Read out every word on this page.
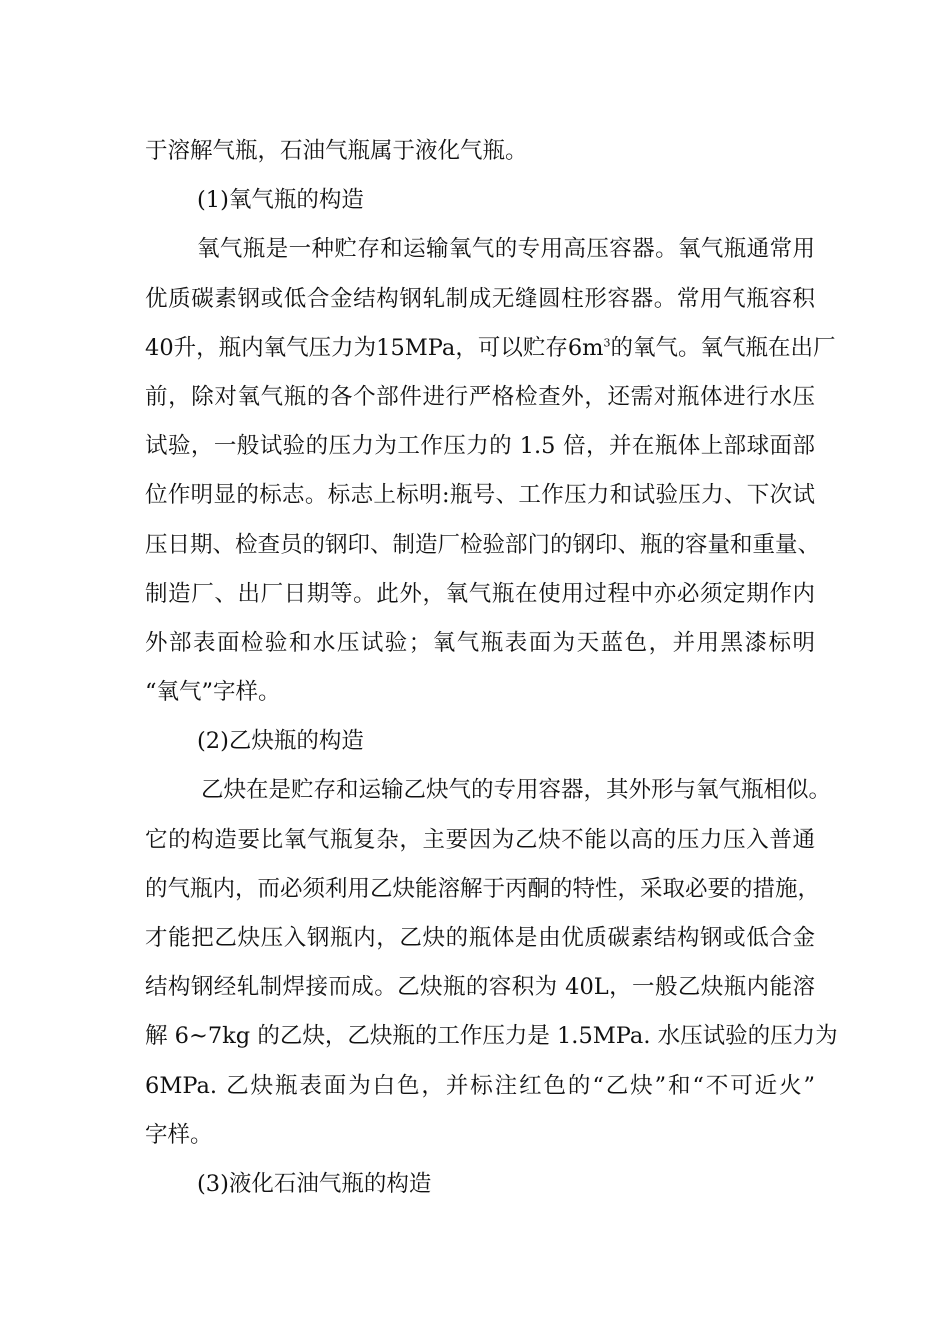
于溶解气瓶，石油气瓶属于液化气瓶。
(1)氧气瓶的构造
氧气瓶是一种贮存和运输氧气的专用高压容器。氧气瓶通常用
优质碳素钢或低合金结构钢轧制成无缝圆柱形容器。常用气瓶容积
40升，瓶内氧气压力为15MPa，可以贮存$6m^3$的氧气。氧气瓶在出厂
前，除对氧气瓶的各个部件进行严格检查外，还需对瓶体进行水压
试验，一般试验的压力为工作压力的 1.5 倍，并在瓶体上部球面部
位作明显的标志。标志上标明:瓶号、工作压力和试验压力、下次试
压日期、检查员的钢印、制造厂检验部门的钢印、瓶的容量和重量、
制造厂、出厂日期等。此外，氧气瓶在使用过程中亦必须定期作内
外部表面检验和水压试验；氧气瓶表面为天蓝色，并用黑漆标明
“氧气”字样。
(2)乙炔瓶的构造
乙炔在是贮存和运输乙炔气的专用容器，其外形与氧气瓶相似。
它的构造要比氧气瓶复杂，主要因为乙炔不能以高的压力压入普通
的气瓶内，而必须利用乙炔能溶解于丙酮的特性，采取必要的措施，
才能把乙炔压入钢瓶内，乙炔的瓶体是由优质碳素结构钢或低合金
结构钢经轧制焊接而成。乙炔瓶的容积为 40L，一般乙炔瓶内能溶
解 6~7kg 的乙炔，乙炔瓶的工作压力是 1.5MPa. 水压试验的压力为
6MPa. 乙炔瓶表面为白色，并标注红色的“乙炔”和“不可近火”
字样。
(3)液化石油气瓶的构造
